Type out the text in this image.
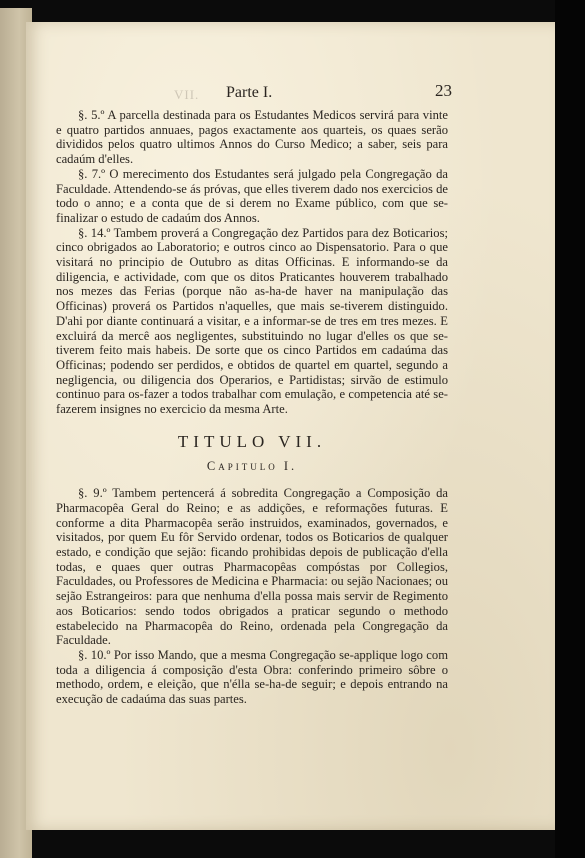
VII. Parte I.	23

§. 5.º A parcella destinada para os Estudantes Medicos servirá para vinte e quatro partidos annuaes, pagos exactamente aos quarteis, os quaes serão divididos pelos quatro ultimos Annos do Curso Medico; a saber, seis para cadaúm d'elles.

§. 7.º O merecimento dos Estudantes será julgado pela Congregação da Faculdade. Attendendo-se ás próvas, que elles tiverem dado nos exercicios de todo o anno; e a conta que de si derem no Exame público, com que se-finalizar o estudo de cadaúm dos Annos.

§. 14.º Tambem proverá a Congregação dez Partidos para dez Boticarios; cinco obrigados ao Laboratorio; e outros cinco ao Dispensatorio. Para o que visitará no principio de Outubro as ditas Officinas. E informando-se da diligencia, e actividade, com que os ditos Praticantes houverem trabalhado nos mezes das Ferias (porque não as-ha-de haver na manipulação das Officinas) proverá os Partidos n'aquelles, que mais se-tiverem distinguido. D'ahi por diante continuará a visitar, e a informar-se de tres em tres mezes. E excluirá da mercê aos negligentes, substituindo no lugar d'elles os que se-tiverem feito mais habeis. De sorte que os cinco Partidos em cadaúma das Officinas; podendo ser perdidos, e obtidos de quartel em quartel, segundo a negligencia, ou diligencia dos Operarios, e Partidistas; sirvão de estimulo continuo para os-fazer a todos trabalhar com emulação, e competencia até se-fazerem insignes no exercicio da mesma Arte.

TITULO VII.
Capitulo I.

§. 9.º Tambem pertencerá á sobredita Congregação a Composição da Pharmacopêa Geral do Reino; e as addições, e reformações futuras. E conforme a dita Pharmacopêa serão instruidos, examinados, governados, e visitados, por quem Eu fôr Servido ordenar, todos os Boticarios de qualquer estado, e condição que sejão: ficando prohibidas depois de publicação d'ella todas, e quaes quer outras Pharmacopêas compóstas por Collegios, Faculdades, ou Professores de Medicina e Pharmacia: ou sejão Nacionaes; ou sejão Estrangeiros: para que nenhuma d'ella possa mais servir de Regimento aos Boticarios: sendo todos obrigados a praticar segundo o methodo estabelecido na Pharmacopêa do Reino, ordenada pela Congregação da Faculdade.

§. 10.º Por isso Mando, que a mesma Congregação se-applique logo com toda a diligencia á composição d'esta Obra: conferindo primeiro sôbre o methodo, ordem, e eleição, que n'élla se-ha-de seguir; e depois entrando na execução de cadaúma das suas partes.
